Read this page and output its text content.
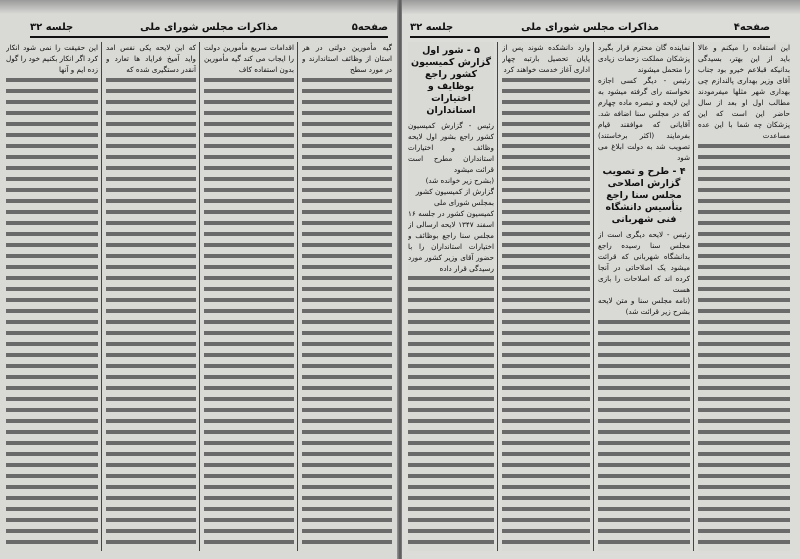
صفحه۵
مذاکرات مجلس شورای ملی
جلسه ۳۲
گیه مأمورین دولتی در هر استان از وظائف استاندارند و در مورد سطح
اقدامات سریع مأمورین دولت را ایجاب می کند گیه مأمورین بدون استفاده کاف
که این لایحه یکی نفس امد واید آمیخ فرایاد ها تعارد و آنقدر دستگیری شده که
این حقیقت را نمی شود انکار کرد اگر انکار بکنیم خود را گول زده ایم و آنها
صفحه۴
مذاکرات مجلس شورای ملی
جلسه ۳۲
این استفاده را میکنم و عالا باید از این بهتر، بسیدگی بدانیکه قبلاعم خیرو بود جناب آقای وزیر بهداری پالندازم چی بهداری شهر مثلها میفرمودند مطالب اول او بعد از سال حاضر این است که این پزشکان چه شما با این عده مساعدت
نماینده گان محترم قرار بگیرد پزشکان مملکت زحمات زیادی را متحمل میشوند
رئیس - دیگر کسی اجازه نخواسته رای گرفته میشود به این لایحه و تبصره ماده چهارم که در مجلس سنا اضافه شد. آقایانی که موافقند قیام بفرمایند (اکثر برخاستند) تصویب شد به دولت ابلاغ می شود
۴ - طرح و تصویب گزارش اصلاحی مجلس سنا راجع بتأسیس دانشگاه فنی شهربانی
رئیس - لایحه دیگری است از مجلس سنا رسیده راجع بدانشگاه شهربانی که قرائت میشود یک اصلاحاتی در آنجا کرده اند که اصلاحات را بازی هست
(نامه مجلس سنا و متن لایحه بشرح زیر قرائت شد)
وارد دانشکده شوند پس از پایان تحصیل بارتبه چهار اداری آغاز خدمت خواهند کرد
۵ - شور اول گزارش کمیسیون کشور راجع بوظایف و اختیارات استانداران
رئیس - گزارش کمیسیون کشور راجع بشور اول لایحه وظائف و اختیارات استانداران مطرح است قرائت میشود
(بشرح زیر خوانده شد)
گزارش از کمیسیون کشور
بمجلس شورای ملی
کمیسیون کشور در جلسه ۱۶ اسفند ۱۳۴۷ لایحه ارسالی از مجلس سنا راجع بوظائف و اختیارات استانداران را با حضور آقای وزیر کشور مورد رسیدگی قرار داده
